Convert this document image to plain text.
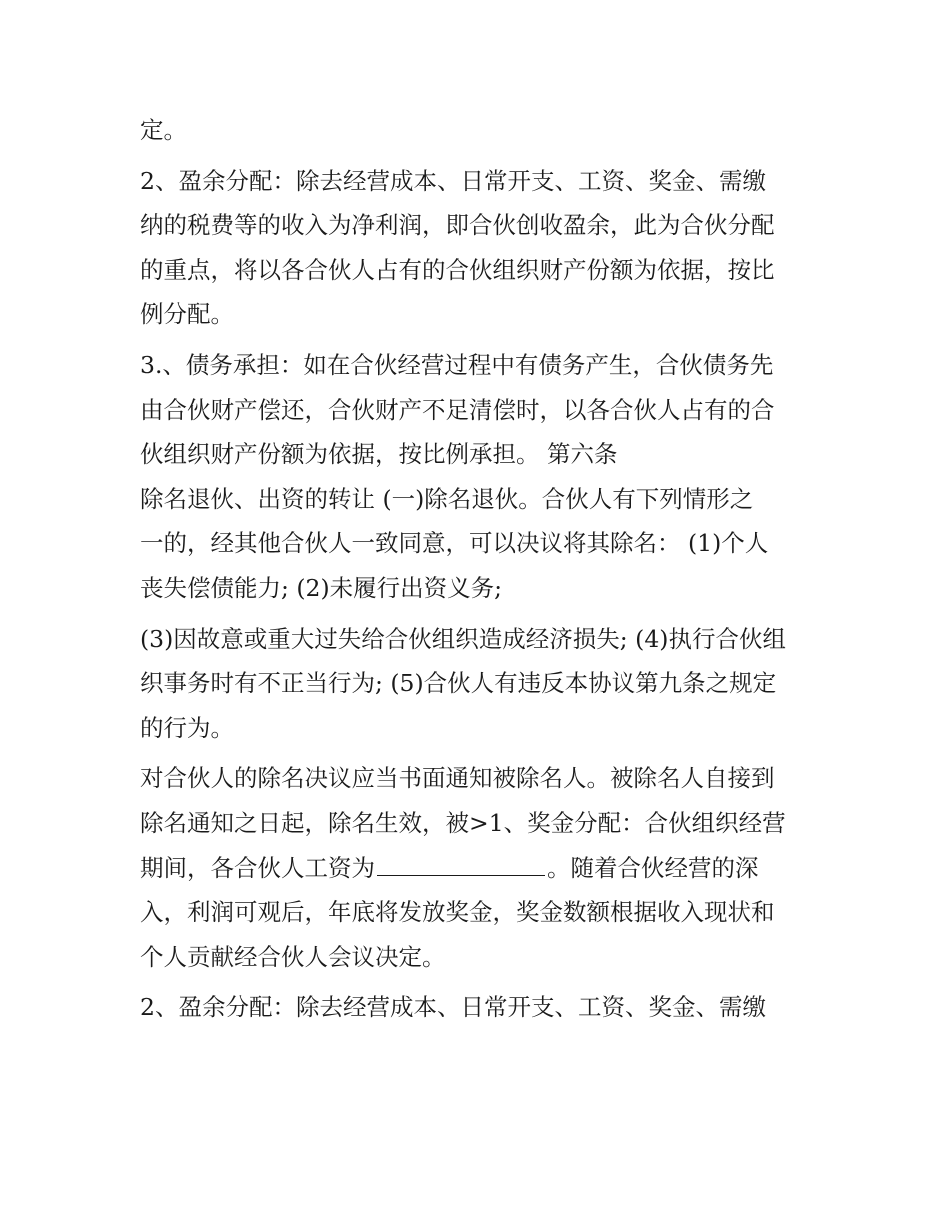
定。
2、盈余分配：除去经营成本、日常开支、工资、奖金、需缴
纳的税费等的收入为净利润，即合伙创收盈余，此为合伙分配
的重点，将以各合伙人占有的合伙组织财产份额为依据，按比
例分配。
3.、债务承担：如在合伙经营过程中有债务产生，合伙债务先
由合伙财产偿还，合伙财产不足清偿时，以各合伙人占有的合
伙组织财产份额为依据，按比例承担。 第六条
除名退伙、出资的转让 (一)除名退伙。合伙人有下列情形之
一的，经其他合伙人一致同意，可以决议将其除名： (1)个人
丧失偿债能力; (2)未履行出资义务;
(3)因故意或重大过失给合伙组织造成经济损失; (4)执行合伙组
织事务时有不正当行为; (5)合伙人有违反本协议第九条之规定
的行为。
对合伙人的除名决议应当书面通知被除名人。被除名人自接到
除名通知之日起，除名生效，被>1、奖金分配：合伙组织经营
期间，各合伙人工资为	。随着合伙经营的深
入，利润可观后，年底将发放奖金，奖金数额根据收入现状和
个人贡献经合伙人会议决定。
2、盈余分配：除去经营成本、日常开支、工资、奖金、需缴
